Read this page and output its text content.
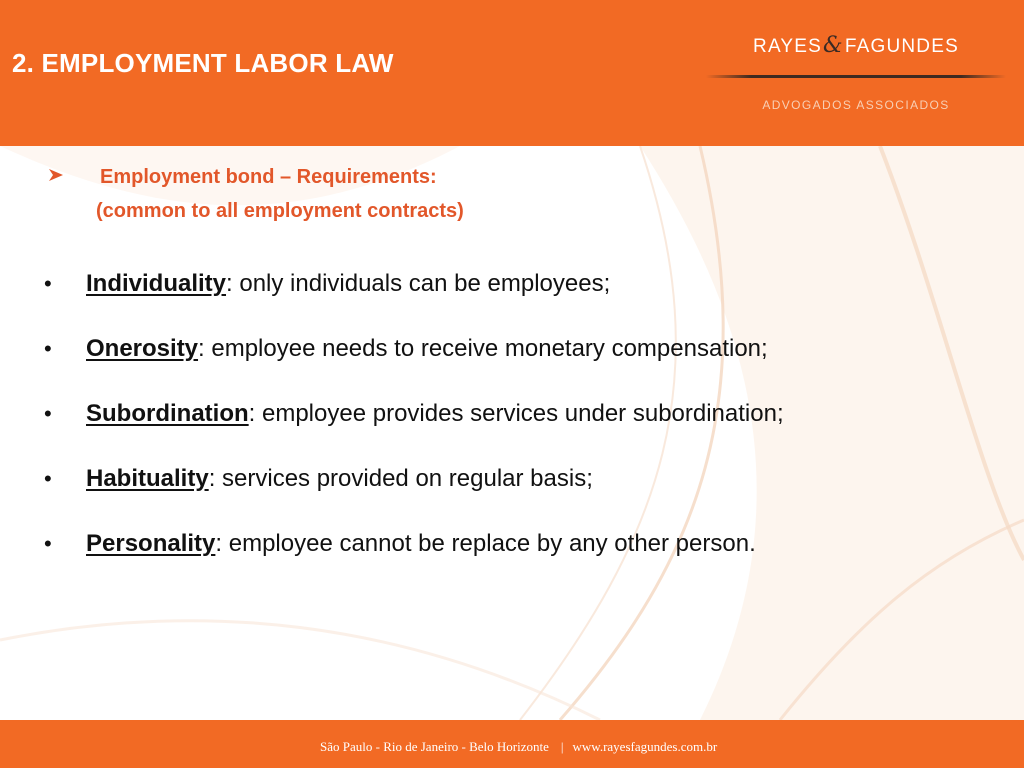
2. EMPLOYMENT LABOR LAW
RAYES&FAGUNDES
ADVOGADOS ASSOCIADOS
Employment bond – Requirements:
(common to all employment contracts)
• Individuality: only individuals can be employees;
• Onerosity: employee needs to receive monetary compensation;
• Subordination: employee provides services under subordination;
• Habituality: services provided on regular basis;
• Personality: employee cannot be replace by any other person.
São Paulo - Rio de Janeiro - Belo Horizonte | www.rayesfagundes.com.br
